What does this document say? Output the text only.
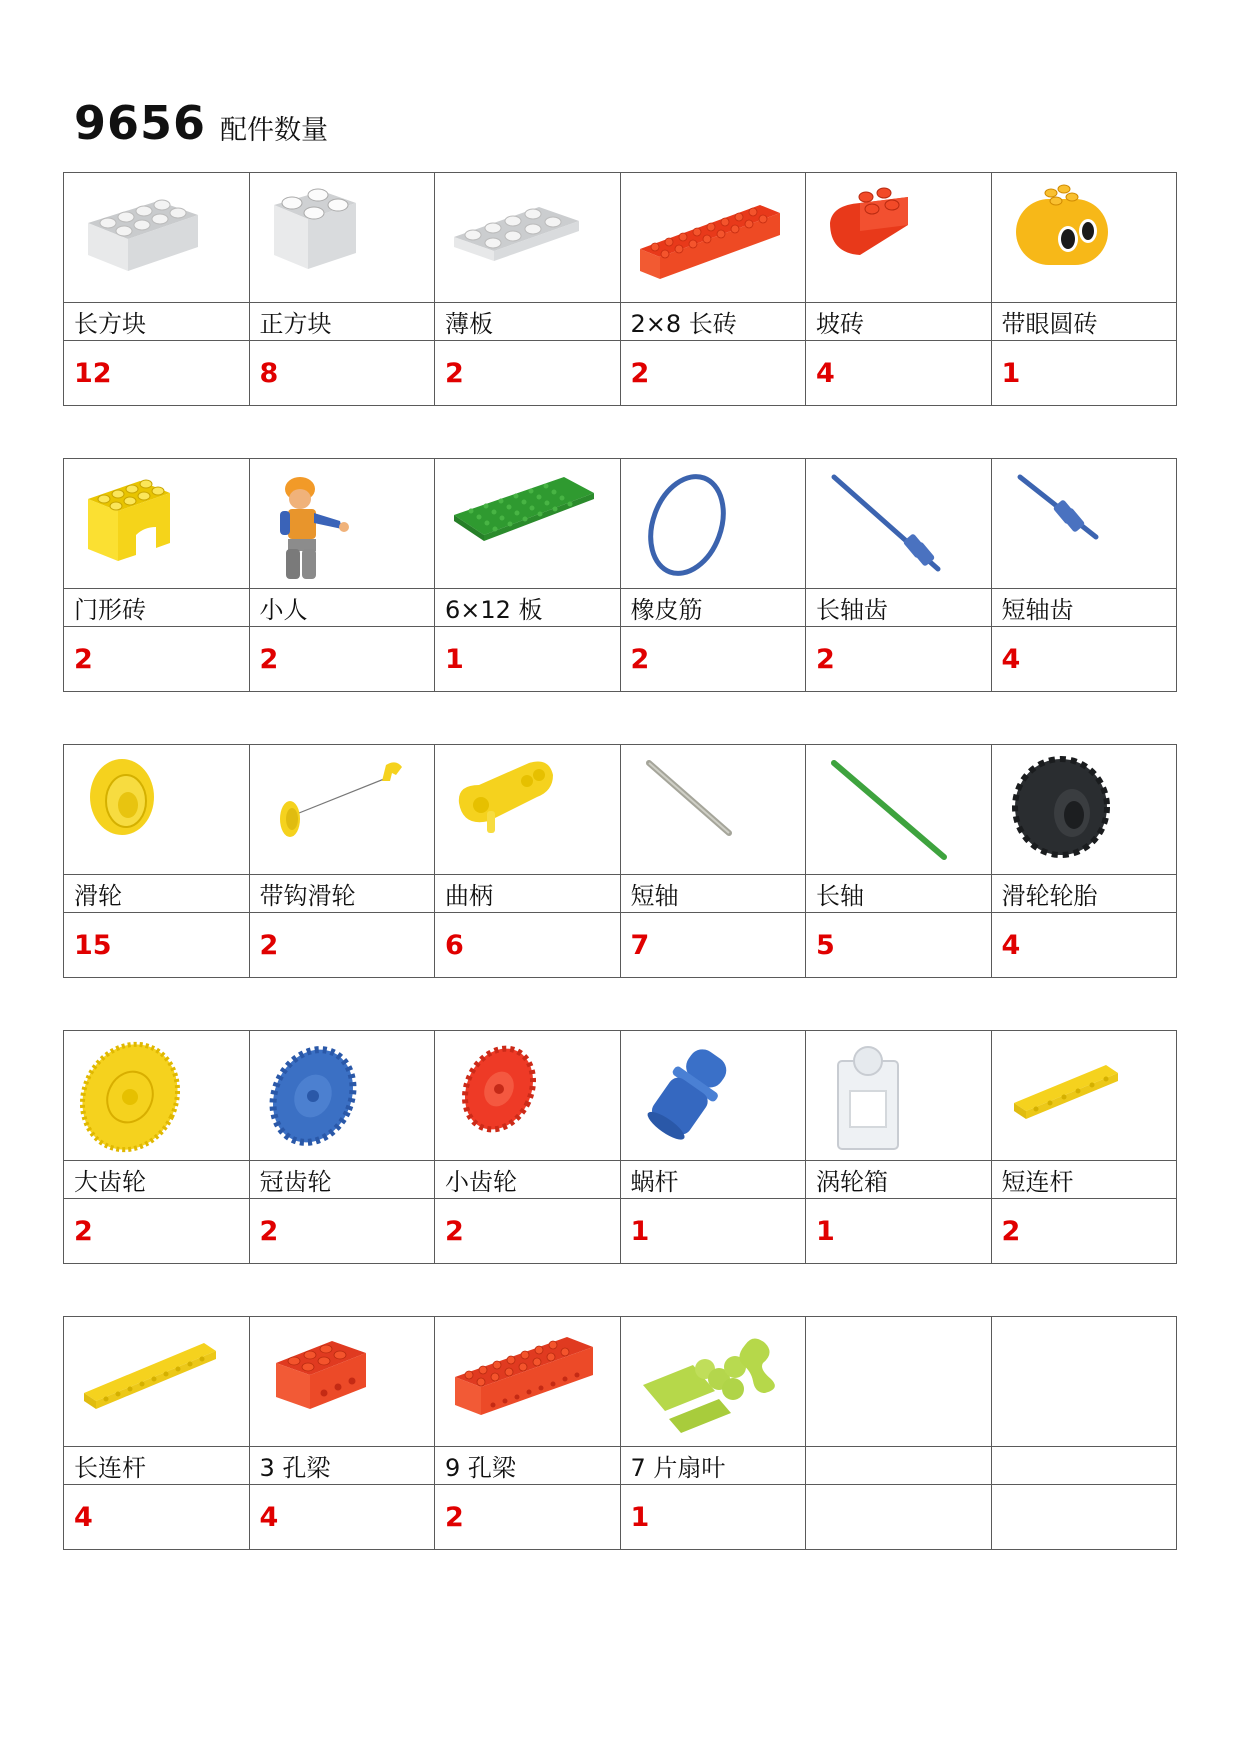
9656 配件数量

长方块	正方块	薄板	2×8 长砖	坡砖	带眼圆砖
12	8	2	2	4	1

门形砖	小人	6×12 板	橡皮筋	长轴齿	短轴齿
2	2	1	2	2	4

滑轮	带钩滑轮	曲柄	短轴	长轴	滑轮轮胎
15	2	6	7	5	4

大齿轮	冠齿轮	小齿轮	蜗杆	涡轮箱	短连杆
2	2	2	1	1	2

长连杆	3 孔梁	9 孔梁	7 片扇叶		
4	4	2	1		
